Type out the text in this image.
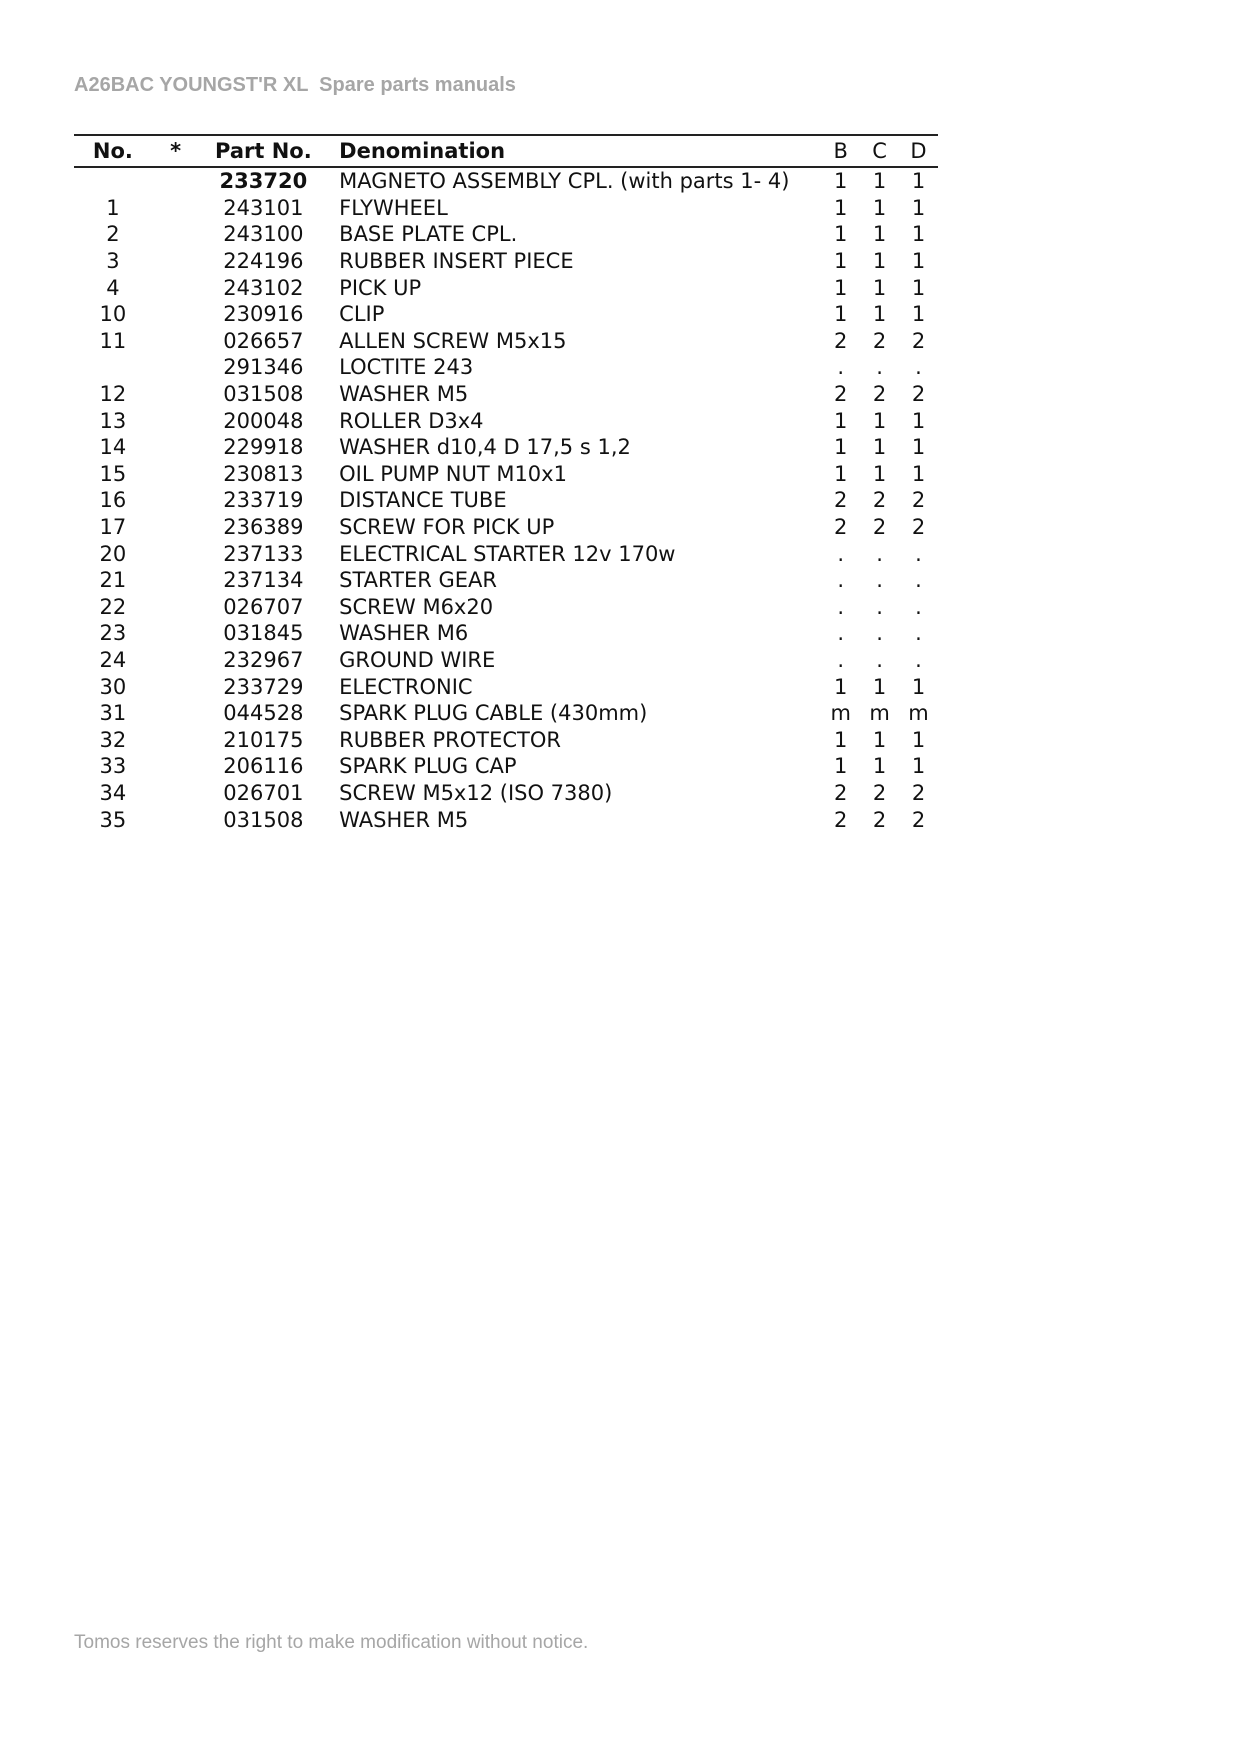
A26BAC YOUNGST'R XL  Spare parts manuals
No.	*	Part No.	Denomination	B	C	D
		233720	MAGNETO ASSEMBLY CPL. (with parts 1- 4)	1	1	1
1		243101	FLYWHEEL	1	1	1
2		243100	BASE PLATE CPL.	1	1	1
3		224196	RUBBER INSERT PIECE	1	1	1
4		243102	PICK UP	1	1	1
10		230916	CLIP	1	1	1
11		026657	ALLEN SCREW M5x15	2	2	2
		291346	LOCTITE 243	.	.	.
12		031508	WASHER M5	2	2	2
13		200048	ROLLER D3x4	1	1	1
14		229918	WASHER d10,4 D 17,5 s 1,2	1	1	1
15		230813	OIL PUMP NUT M10x1	1	1	1
16		233719	DISTANCE TUBE	2	2	2
17		236389	SCREW FOR PICK UP	2	2	2
20		237133	ELECTRICAL STARTER 12v 170w	.	.	.
21		237134	STARTER GEAR	.	.	.
22		026707	SCREW M6x20	.	.	.
23		031845	WASHER M6	.	.	.
24		232967	GROUND WIRE	.	.	.
30		233729	ELECTRONIC	1	1	1
31		044528	SPARK PLUG CABLE (430mm)	m	m	m
32		210175	RUBBER PROTECTOR	1	1	1
33		206116	SPARK PLUG CAP	1	1	1
34		026701	SCREW M5x12 (ISO 7380)	2	2	2
35		031508	WASHER M5	2	2	2
Tomos reserves the right to make modification without notice.
